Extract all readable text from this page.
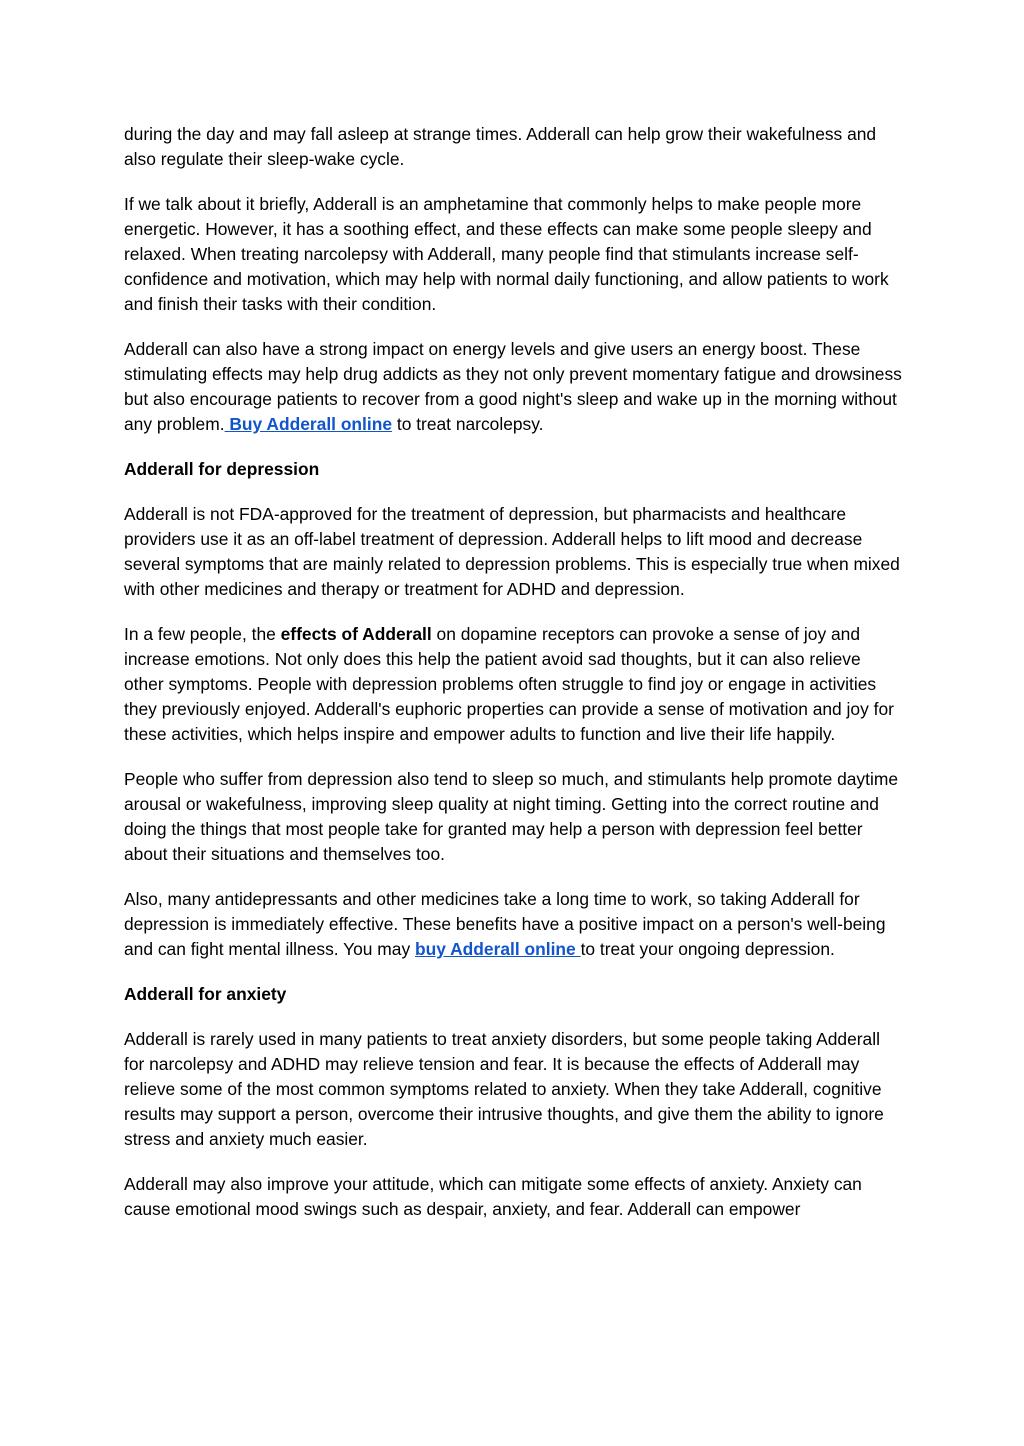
during the day and may fall asleep at strange times. Adderall can help grow their wakefulness and also regulate their sleep-wake cycle.

If we talk about it briefly, Adderall is an amphetamine that commonly helps to make people more energetic. However, it has a soothing effect, and these effects can make some people sleepy and relaxed. When treating narcolepsy with Adderall, many people find that stimulants increase self-confidence and motivation, which may help with normal daily functioning, and allow patients to work and finish their tasks with their condition.

Adderall can also have a strong impact on energy levels and give users an energy boost. These stimulating effects may help drug addicts as they not only prevent momentary fatigue and drowsiness but also encourage patients to recover from a good night's sleep and wake up in the morning without any problem. Buy Adderall online to treat narcolepsy.

Adderall for depression

Adderall is not FDA-approved for the treatment of depression, but pharmacists and healthcare providers use it as an off-label treatment of depression. Adderall helps to lift mood and decrease several symptoms that are mainly related to depression problems. This is especially true when mixed with other medicines and therapy or treatment for ADHD and depression.

In a few people, the effects of Adderall on dopamine receptors can provoke a sense of joy and increase emotions. Not only does this help the patient avoid sad thoughts, but it can also relieve other symptoms. People with depression problems often struggle to find joy or engage in activities they previously enjoyed. Adderall's euphoric properties can provide a sense of motivation and joy for these activities, which helps inspire and empower adults to function and live their life happily.

People who suffer from depression also tend to sleep so much, and stimulants help promote daytime arousal or wakefulness, improving sleep quality at night timing. Getting into the correct routine and doing the things that most people take for granted may help a person with depression feel better about their situations and themselves too.

Also, many antidepressants and other medicines take a long time to work, so taking Adderall for depression is immediately effective. These benefits have a positive impact on a person's well-being and can fight mental illness. You may buy Adderall online to treat your ongoing depression.

Adderall for anxiety

Adderall is rarely used in many patients to treat anxiety disorders, but some people taking Adderall for narcolepsy and ADHD may relieve tension and fear. It is because the effects of Adderall may relieve some of the most common symptoms related to anxiety. When they take Adderall, cognitive results may support a person, overcome their intrusive thoughts, and give them the ability to ignore stress and anxiety much easier.

Adderall may also improve your attitude, which can mitigate some effects of anxiety. Anxiety can cause emotional mood swings such as despair, anxiety, and fear. Adderall can empower
